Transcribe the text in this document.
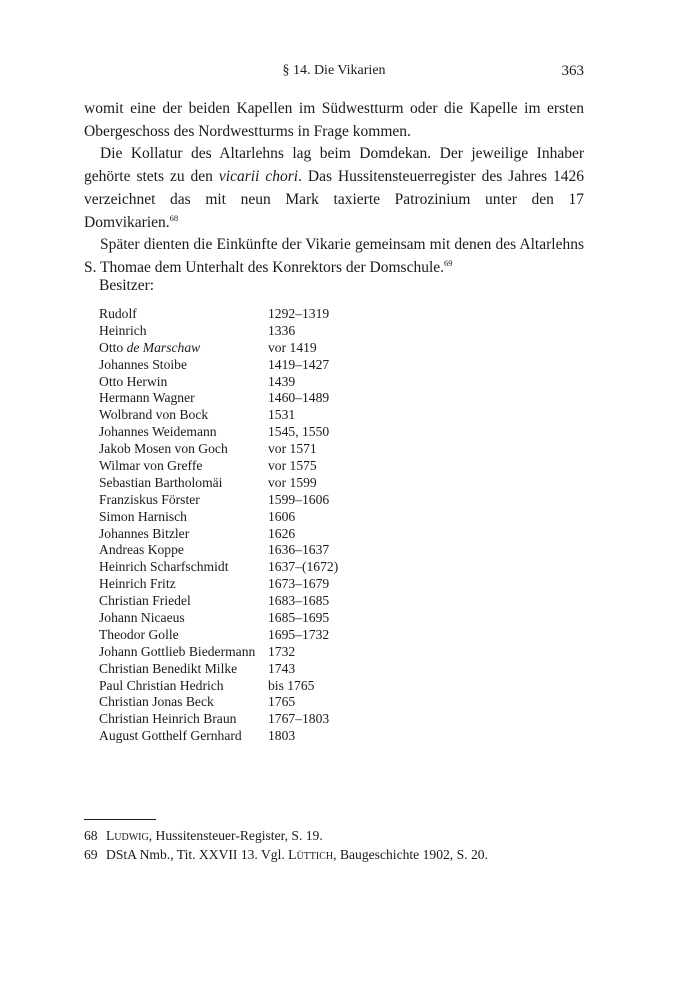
§ 14. Die Vikarien	363

womit eine der beiden Kapellen im Südwestturm oder die Kapelle im ersten Obergeschoss des Nordwestturms in Frage kommen.

Die Kollatur des Altarlehns lag beim Domdekan. Der jeweilige Inhaber gehörte stets zu den vicarii chori. Das Hussitensteuerregister des Jahres 1426 verzeichnet das mit neun Mark taxierte Patrozinium unter den 17 Domvikarien.$^{68}$

Später dienten die Einkünfte der Vikarie gemeinsam mit denen des Altarlehns S. Thomae dem Unterhalt des Konrektors der Domschule.$^{69}$

Besitzer:
Rudolf	1292–1319
Heinrich	1336
Otto de Marschaw	vor 1419
Johannes Stoibe	1419–1427
Otto Herwin	1439
Hermann Wagner	1460–1489
Wolbrand von Bock	1531
Johannes Weidemann	1545, 1550
Jakob Mosen von Goch	vor 1571
Wilmar von Greffe	vor 1575
Sebastian Bartholomäi	vor 1599
Franziskus Förster	1599–1606
Simon Harnisch	1606
Johannes Bitzler	1626
Andreas Koppe	1636–1637
Heinrich Scharfschmidt	1637–(1672)
Heinrich Fritz	1673–1679
Christian Friedel	1683–1685
Johann Nicaeus	1685–1695
Theodor Golle	1695–1732
Johann Gottlieb Biedermann 1732
Christian Benedikt Milke	1743
Paul Christian Hedrich	bis 1765
Christian Jonas Beck	1765
Christian Heinrich Braun	1767–1803
August Gotthelf Gernhard	1803
68 Ludwig, Hussitensteuer-Register, S. 19.
69 DStA Nmb., Tit. XXVII 13. Vgl. Lüttich, Baugeschichte 1902, S. 20.
